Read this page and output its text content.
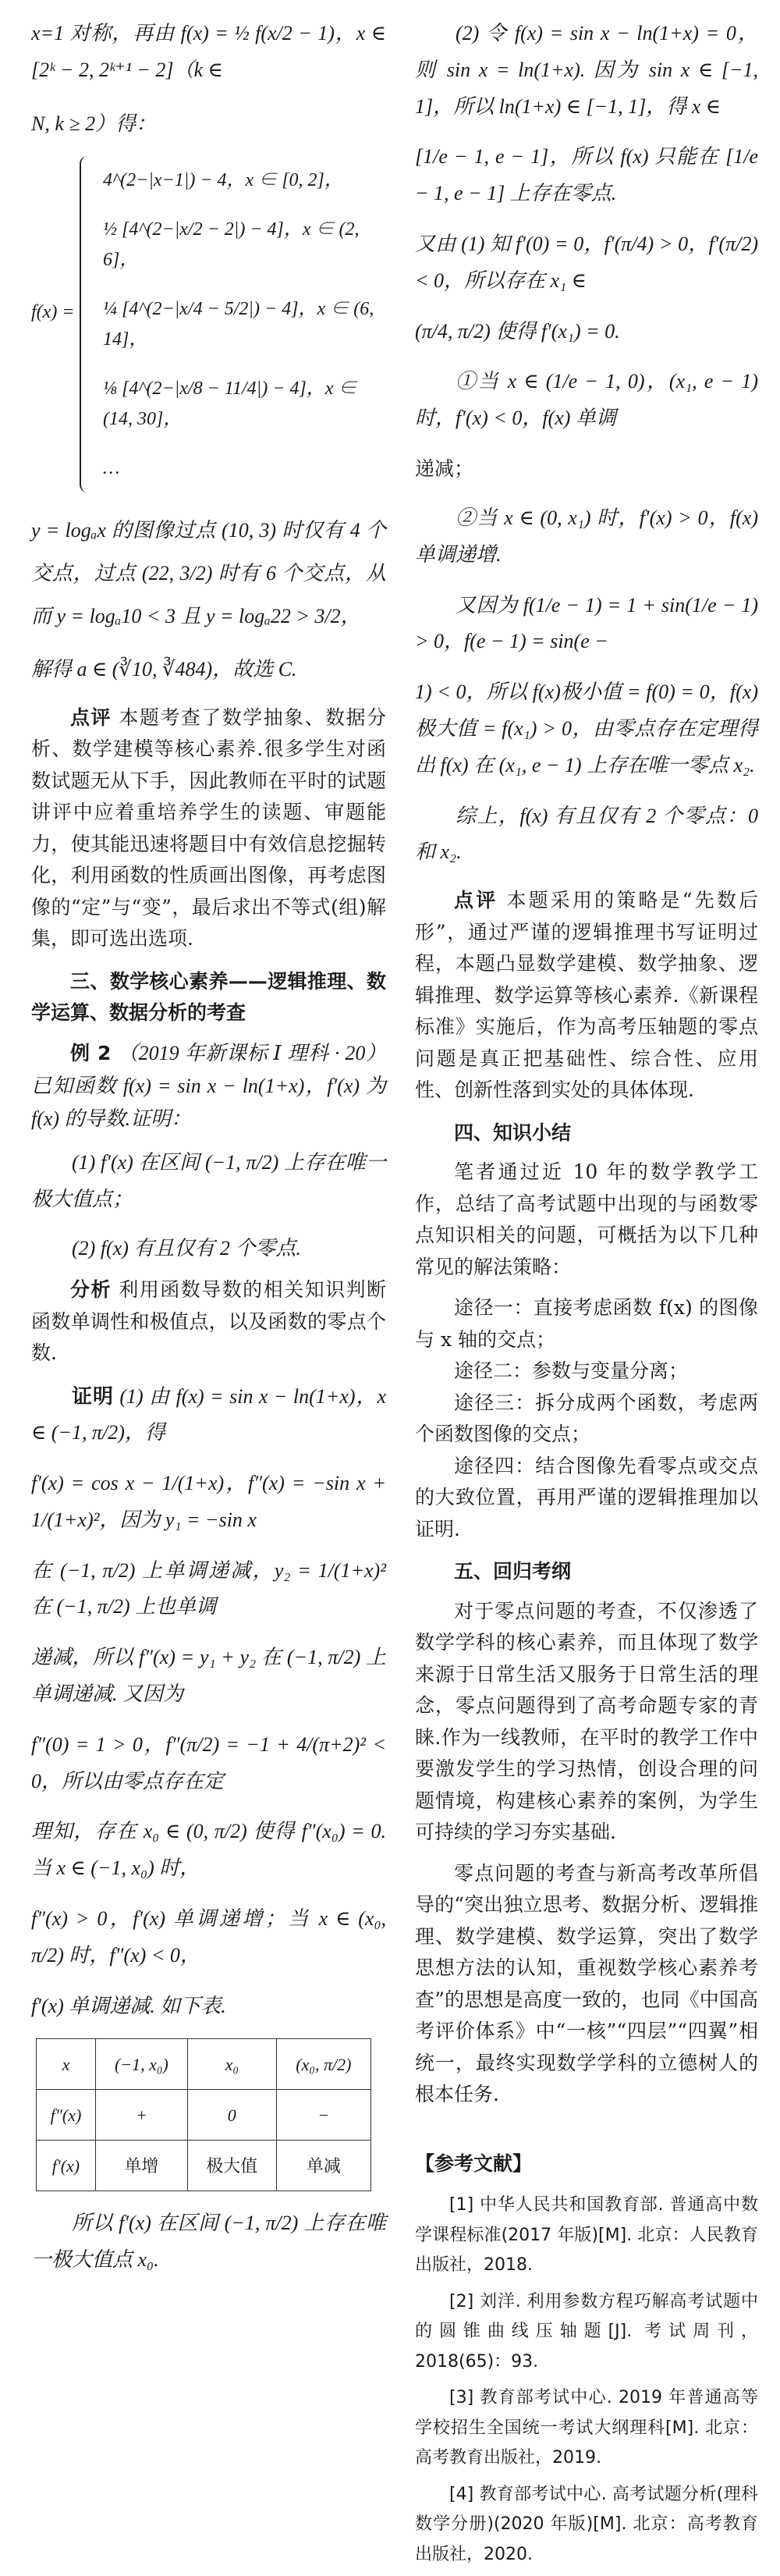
x=1 对称，再由 f(x) = ½ f(x/2 − 1)，x ∈ [2ᵏ − 2, 2ᵏ⁺¹ − 2]（k ∈

N, k ≥ 2）得：

f(x) =
4^(2−|x−1|) − 4，x ∈ [0, 2]，
½ [4^(2−|x/2 − 2|) − 4]，x ∈ (2, 6]，
¼ [4^(2−|x/4 − 5/2|) − 4]，x ∈ (6, 14]，
⅛ [4^(2−|x/8 − 11/4|) − 4]，x ∈ (14, 30]，
…

y = logₐx 的图像过点 (10, 3) 时仅有 4 个交点，过点 (22, 3/2) 时有 6 个交点，从而 y = logₐ10 < 3 且 y = logₐ22 > 3/2，

解得 a ∈ (∛10, ∛484)，故选 C.

点评 本题考查了数学抽象、数据分析、数学建模等核心素养.很多学生对函数试题无从下手，因此教师在平时的试题讲评中应着重培养学生的读题、审题能力，使其能迅速将题目中有效信息挖掘转化，利用函数的性质画出图像，再考虑图像的“定”与“变”，最后求出不等式(组)解集，即可选出选项.

三、数学核心素养——逻辑推理、数学运算、数据分析的考查

例 2 （2019 年新课标 Ⅰ 理科 · 20）已知函数 f(x) = sin x − ln(1+x)，f′(x) 为 f(x) 的导数.证明：

(1) f′(x) 在区间 (−1, π/2) 上存在唯一极大值点；

(2) f(x) 有且仅有 2 个零点.

分析 利用函数导数的相关知识判断函数单调性和极值点，以及函数的零点个数.

证明 (1) 由 f(x) = sin x − ln(1+x)，x ∈ (−1, π/2)，得

f′(x) = cos x − 1/(1+x)，f″(x) = −sin x + 1/(1+x)²，因为 y₁ = −sin x

在 (−1, π/2) 上单调递减，y₂ = 1/(1+x)² 在 (−1, π/2) 上也单调

递减，所以 f″(x) = y₁ + y₂ 在 (−1, π/2) 上单调递减. 又因为

f″(0) = 1 > 0，f″(π/2) = −1 + 4/(π+2)² < 0，所以由零点存在定

理知，存在 x₀ ∈ (0, π/2) 使得 f″(x₀) = 0. 当 x ∈ (−1, x₀) 时，

f″(x) > 0，f′(x) 单调递增；当 x ∈ (x₀, π/2) 时，f″(x) < 0，

f′(x) 单调递减. 如下表.

x	(−1, x₀)	x₀	(x₀, π/2)
f″(x)	+	0	−
f′(x)	单增	极大值	单减

所以 f′(x) 在区间 (−1, π/2) 上存在唯一极大值点 x₀.

(2) 令 f(x) = sin x − ln(1+x) = 0，则 sin x = ln(1+x). 因为 sin x ∈ [−1, 1]，所以 ln(1+x) ∈ [−1, 1]，得 x ∈

[1/e − 1, e − 1]，所以 f(x) 只能在 [1/e − 1, e − 1] 上存在零点.

又由 (1) 知 f′(0) = 0，f′(π/4) > 0，f′(π/2) < 0，所以存在 x₁ ∈

(π/4, π/2) 使得 f′(x₁) = 0.

①当 x ∈ (1/e − 1, 0)，(x₁, e − 1) 时，f′(x) < 0，f(x) 单调

递减；

②当 x ∈ (0, x₁) 时，f′(x) > 0，f(x) 单调递增.

又因为 f(1/e − 1) = 1 + sin(1/e − 1) > 0，f(e − 1) = sin(e −

1) < 0，所以 f(x)极小值 = f(0) = 0，f(x)极大值 = f(x₁) > 0，由零点存在定理得出 f(x) 在 (x₁, e − 1) 上存在唯一零点 x₂.

综上，f(x) 有且仅有 2 个零点：0 和 x₂.

点评 本题采用的策略是“先数后形”，通过严谨的逻辑推理书写证明过程，本题凸显数学建模、数学抽象、逻辑推理、数学运算等核心素养.《新课程标准》实施后，作为高考压轴题的零点问题是真正把基础性、综合性、应用性、创新性落到实处的具体体现.

四、知识小结

笔者通过近 10 年的数学教学工作，总结了高考试题中出现的与函数零点知识相关的问题，可概括为以下几种常见的解法策略：

途径一：直接考虑函数 f(x) 的图像与 x 轴的交点；

途径二：参数与变量分离；

途径三：拆分成两个函数，考虑两个函数图像的交点；

途径四：结合图像先看零点或交点的大致位置，再用严谨的逻辑推理加以证明.

五、回归考纲

对于零点问题的考查，不仅渗透了数学学科的核心素养，而且体现了数学来源于日常生活又服务于日常生活的理念，零点问题得到了高考命题专家的青睐.作为一线教师，在平时的教学工作中要激发学生的学习热情，创设合理的问题情境，构建核心素养的案例，为学生可持续的学习夯实基础.

零点问题的考查与新高考改革所倡导的“突出独立思考、数据分析、逻辑推理、数学建模、数学运算，突出了数学思想方法的认知，重视数学核心素养考查”的思想是高度一致的，也同《中国高考评价体系》中“一核”“四层”“四翼”相统一，最终实现数学学科的立德树人的根本任务.

【参考文献】

[1] 中华人民共和国教育部. 普通高中数学课程标准(2017 年版)[M]. 北京：人民教育出版社，2018.

[2] 刘洋. 利用参数方程巧解高考试题中的圆锥曲线压轴题[J]. 考试周刊，2018(65)：93.

[3] 教育部考试中心. 2019 年普通高等学校招生全国统一考试大纲理科[M]. 北京：高考教育出版社，2019.

[4] 教育部考试中心. 高考试题分析(理科数学分册)(2020 年版)[M]. 北京：高考教育出版社，2020.
